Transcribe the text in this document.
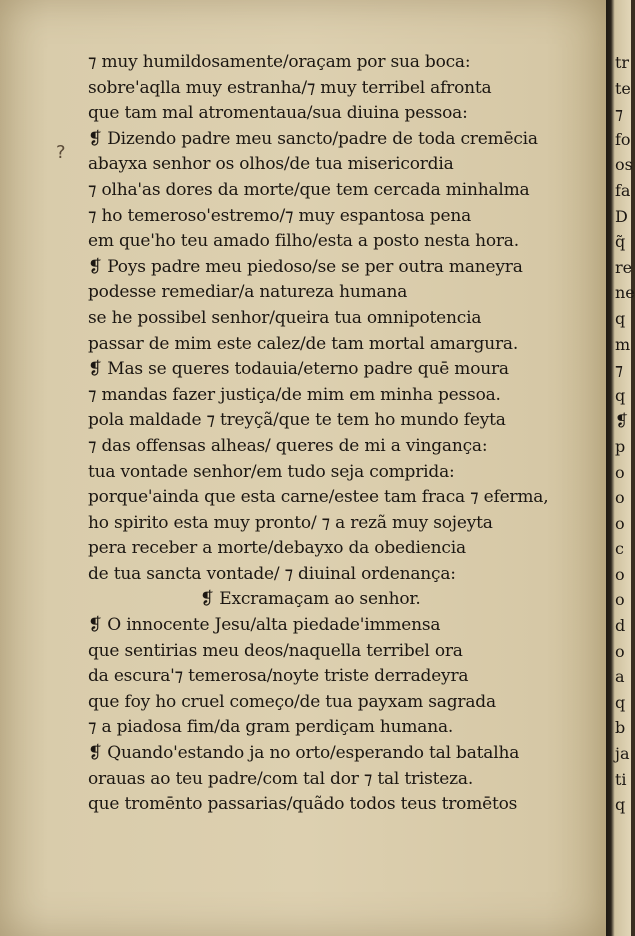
?
⁊ muy humildosamente/oraçam por sua boca:
sobre'aqlla muy estranha/⁊ muy terribel afronta
que tam mal atromentaua/sua diuina pessoa:
❡ Dizendo padre meu sancto/padre de toda cremēcia
abayxa senhor os olhos/de tua misericordia
⁊ olha'as dores da morte/que tem cercada minhalma
⁊ ho temeroso'estremo/⁊ muy espantosa pena
em que'ho teu amado filho/esta a posto nesta hora.
❡ Poys padre meu piedoso/se se per outra maneyra
podesse remediar/a natureza humana
se he possibel senhor/queira tua omnipotencia
passar de mim este calez/de tam mortal amargura.
❡ Mas se queres todauia/eterno padre quē moura
⁊ mandas fazer justiça/de mim em minha pessoa.
pola maldade ⁊ treyçã/que te tem ho mundo feyta
⁊ das offensas alheas/ queres de mi a vingança:
tua vontade senhor/em tudo seja comprida:
porque'ainda que esta carne/estee tam fraca ⁊ eferma,
ho spirito esta muy pronto/ ⁊ a rezã muy sojeyta
pera receber a morte/debayxo da obediencia
de tua sancta vontade/ ⁊ diuinal ordenança:
❡ Excramaçam ao senhor.
❡ O innocente Jesu/alta piedade'immensa
que sentirias meu deos/naquella terribel ora
da escura'⁊ temerosa/noyte triste derradeyra
que foy ho cruel começo/de tua payxam sagrada
⁊ a piadosa fim/da gram perdiçam humana.
❡ Quando'estando ja no orto/esperando tal batalha
orauas ao teu padre/com tal dor ⁊ tal tristeza.
que tromēnto passarias/quãdo todos teus tromētos
tr
te
⁊
fo
os
fa
D
q̃
re
ne
q
m
⁊
q
❡
p
o
o
o
c
o
o
d
o
a
q
b
ja
ti
q
